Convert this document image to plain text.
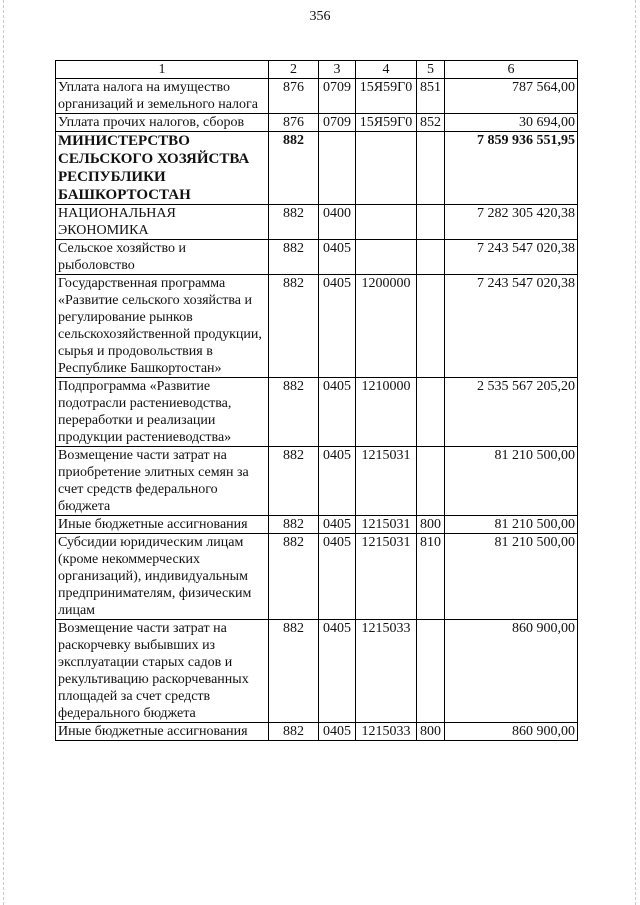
356
1	2	3	4	5	6
Уплата налога на имущество организаций и земельного налога	876	0709	15Я59Г0	851	787 564,00
Уплата прочих налогов, сборов	876	0709	15Я59Г0	852	30 694,00
МИНИСТЕРСТВО СЕЛЬСКОГО ХОЗЯЙСТВА РЕСПУБЛИКИ БАШКОРТОСТАН	882				7 859 936 551,95
НАЦИОНАЛЬНАЯ ЭКОНОМИКА	882	0400			7 282 305 420,38
Сельское хозяйство и рыболовство	882	0405			7 243 547 020,38
Государственная программа «Развитие сельского хозяйства и регулирование рынков сельскохозяйственной продукции, сырья и продовольствия в Республике Башкортостан»	882	0405	1200000		7 243 547 020,38
Подпрограмма «Развитие подотрасли растениеводства, переработки и реализации продукции растениеводства»	882	0405	1210000		2 535 567 205,20
Возмещение части затрат на приобретение элитных семян за счет средств федерального бюджета	882	0405	1215031		81 210 500,00
Иные бюджетные ассигнования	882	0405	1215031	800	81 210 500,00
Субсидии юридическим лицам (кроме некоммерческих организаций), индивидуальным предпринимателям, физическим лицам	882	0405	1215031	810	81 210 500,00
Возмещение части затрат на раскорчевку выбывших из эксплуатации старых садов и рекультивацию раскорчеванных площадей за счет средств федерального бюджета	882	0405	1215033		860 900,00
Иные бюджетные ассигнования	882	0405	1215033	800	860 900,00
